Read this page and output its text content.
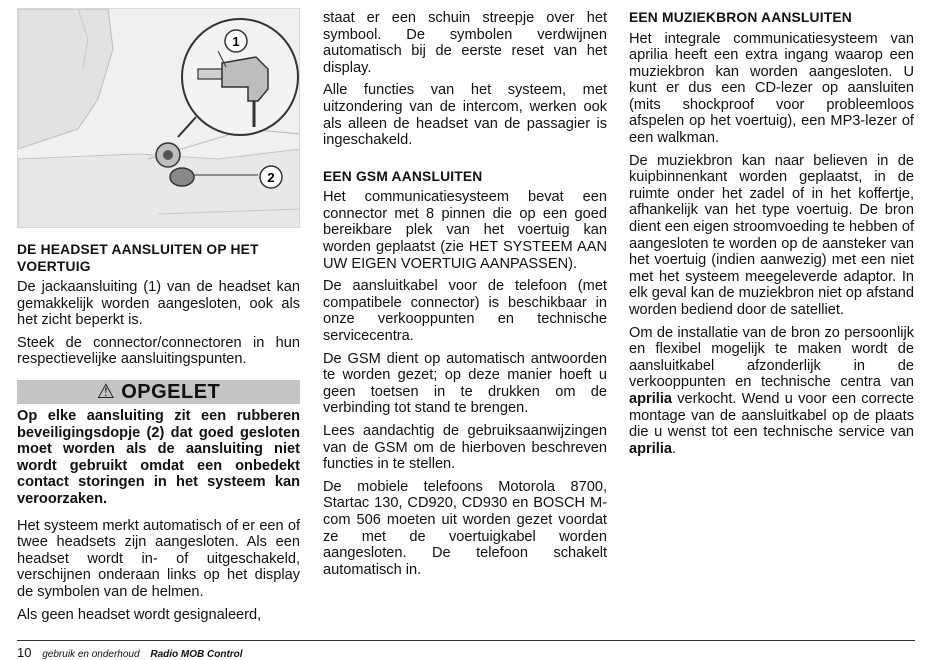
1
2
DE HEADSET AANSLUITEN OP HET VOERTUIG

De jackaansluiting (1) van de headset kan gemakkelijk worden aangesloten, ook als het zicht beperkt is.

Steek de connector/connectoren in hun respectievelijke aansluitingspunten.

⚠ OPGELET

Op elke aansluiting zit een rubberen beveiligingsdopje (2) dat goed gesloten moet worden als de aansluiting niet wordt gebruikt omdat een onbedekt contact storingen in het systeem kan veroorzaken.

Het systeem merkt automatisch of er een of twee headsets zijn aangesloten. Als een headset wordt in- of uitgeschakeld, verschijnen onderaan links op het display de symbolen van de helmen.

Als geen headset wordt gesignaleerd,

staat er een schuin streepje over het symbool. De symbolen verdwijnen automatisch bij de eerste reset van het display.

Alle functies van het systeem, met uitzondering van de intercom, werken ook als alleen de headset van de passagier is ingeschakeld.

EEN GSM AANSLUITEN

Het communicatiesysteem bevat een connector met 8 pinnen die op een goed bereikbare plek van het voertuig kan worden geplaatst (zie HET SYSTEEM AAN UW EIGEN VOERTUIG AANPASSEN).

De aansluitkabel voor de telefoon (met compatibele connector) is beschikbaar in onze verkooppunten en technische servicecentra.

De GSM dient op automatisch antwoorden te worden gezet; op deze manier hoeft u geen toetsen in te drukken om de verbinding tot stand te brengen.

Lees aandachtig de gebruiksaanwijzingen van de GSM om de hierboven beschreven functies in te stellen.

De mobiele telefoons Motorola 8700, Startac 130, CD920, CD930 en BOSCH M-com 506 moeten uit worden gezet voordat ze met de voertuigkabel worden aangesloten. De telefoon schakelt automatisch in.

EEN MUZIEKBRON AANSLUITEN

Het integrale communicatiesysteem van aprilia heeft een extra ingang waarop een muziekbron kan worden aangesloten. U kunt er dus een CD-lezer op aansluiten (mits shockproof voor probleemloos afspelen op het voertuig), een MP3-lezer of een walkman.

De muziekbron kan naar believen in de kuipbinnenkant worden geplaatst, in de ruimte onder het zadel of in het koffertje, afhankelijk van het type voertuig. De bron dient een eigen stroomvoeding te hebben of aangesloten te worden op de aansteker van het voertuig (indien aanwezig) met een niet met het systeem meegeleverde adaptor. In elk geval kan de muziekbron niet op afstand worden bediend door de satelliet.

Om de installatie van de bron zo persoonlijk en flexibel mogelijk te maken wordt de aansluitkabel afzonderlijk in de verkooppunten en technische centra van aprilia verkocht. Wend u voor een correcte montage van de aansluitkabel op de plaats die u wenst tot een technische service van aprilia.

10 gebruik en onderhoud Radio MOB Control
